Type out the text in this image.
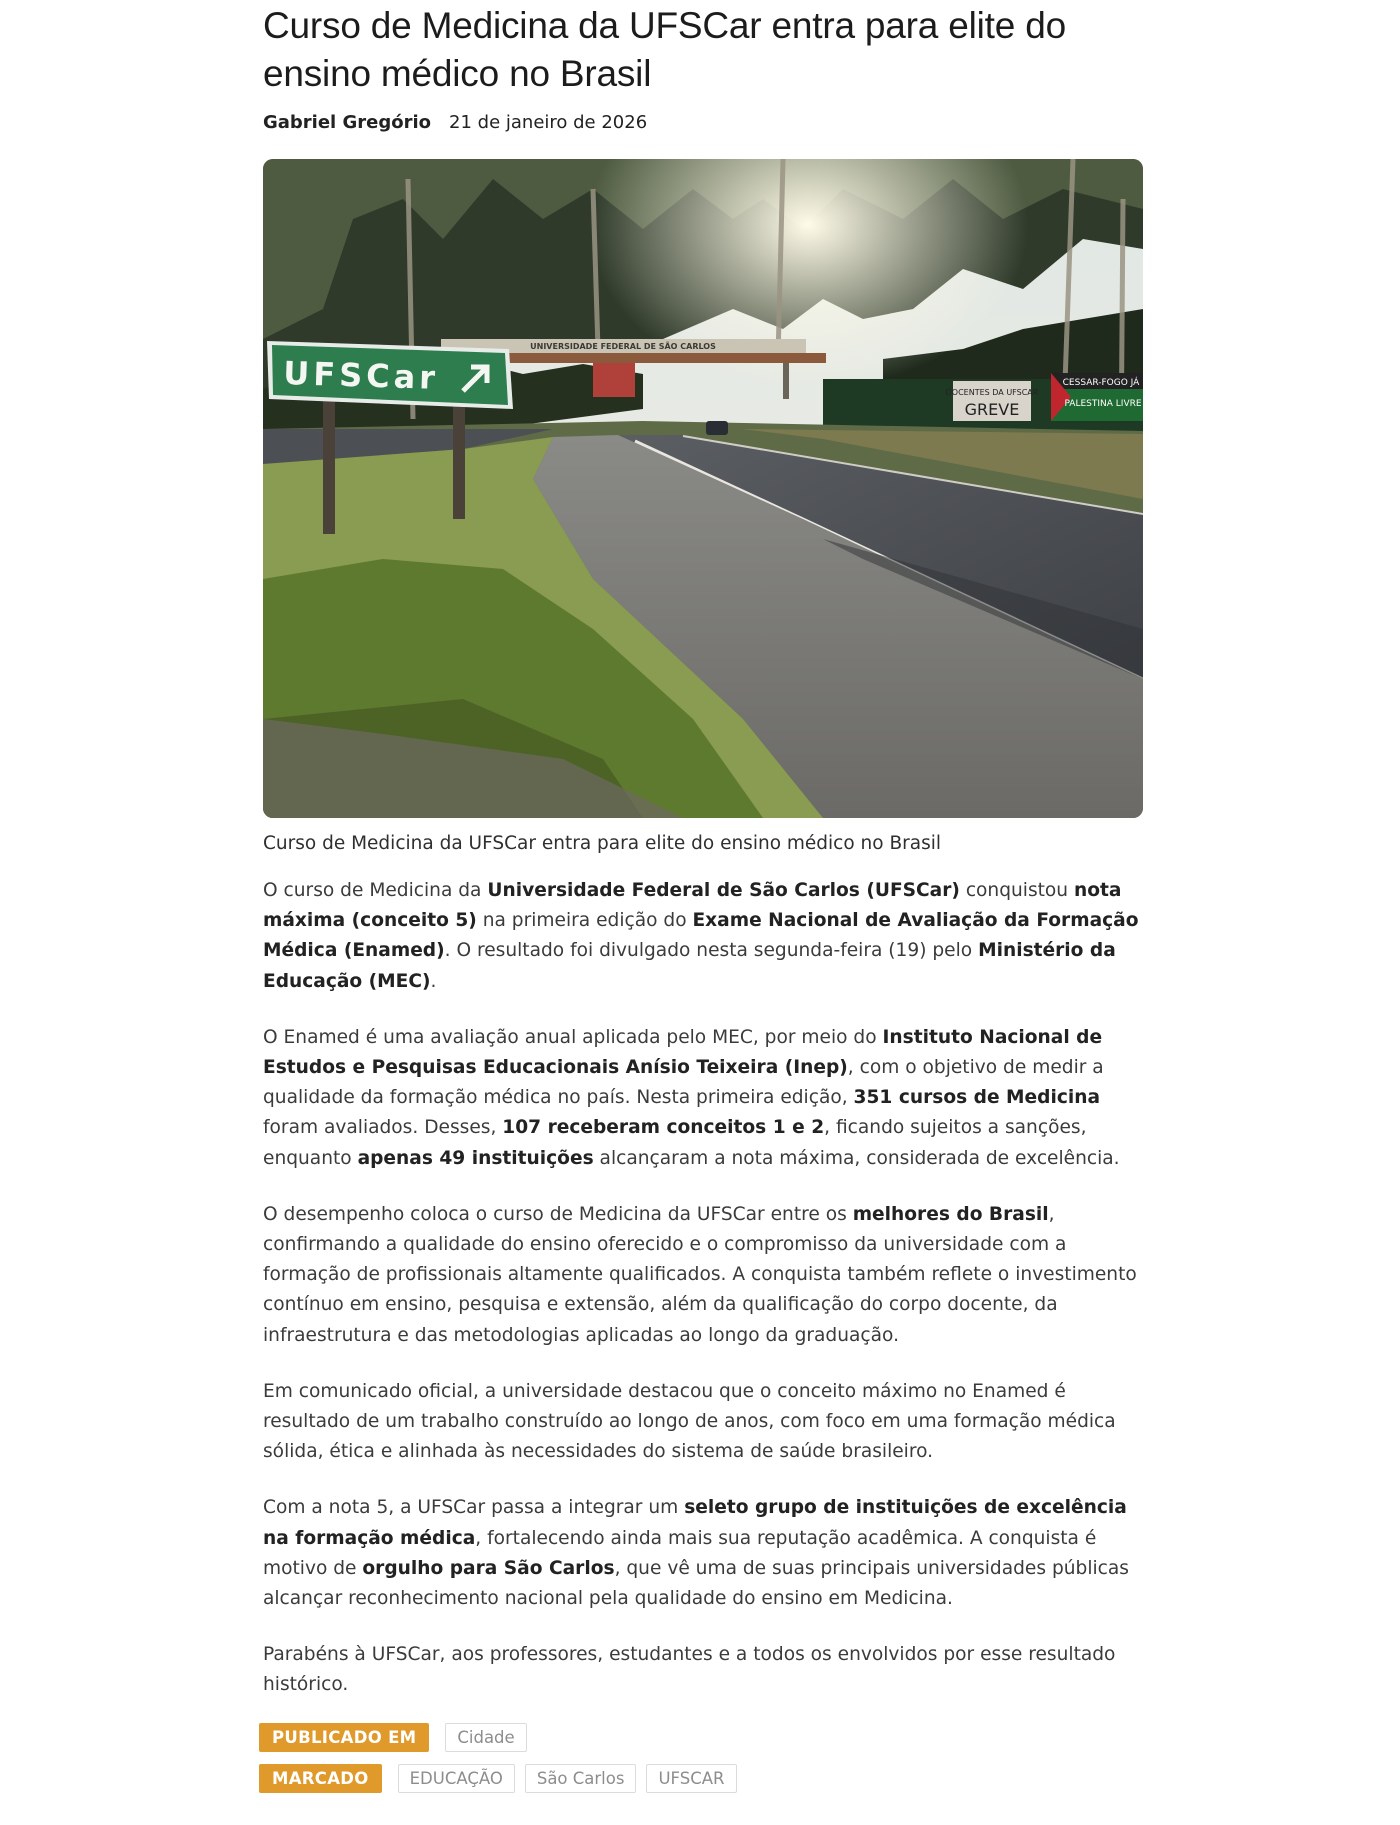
Curso de Medicina da UFSCar entra para elite do ensino médico no Brasil
Gabriel Gregório 21 de janeiro de 2026
UNIVERSIDADE FEDERAL DE SÃO CARLOS
DOCENTES DA UFSCAR
GREVE
CESSAR-FOGO JÁ
PALESTINA LIVRE
UFSCar
Curso de Medicina da UFSCar entra para elite do ensino médico no Brasil

O curso de Medicina da Universidade Federal de São Carlos (UFSCar) conquistou nota máxima (conceito 5) na primeira edição do Exame Nacional de Avaliação da Formação Médica (Enamed). O resultado foi divulgado nesta segunda-feira (19) pelo Ministério da Educação (MEC).

O Enamed é uma avaliação anual aplicada pelo MEC, por meio do Instituto Nacional de Estudos e Pesquisas Educacionais Anísio Teixeira (Inep), com o objetivo de medir a qualidade da formação médica no país. Nesta primeira edição, 351 cursos de Medicina foram avaliados. Desses, 107 receberam conceitos 1 e 2, ficando sujeitos a sanções, enquanto apenas 49 instituições alcançaram a nota máxima, considerada de excelência.

O desempenho coloca o curso de Medicina da UFSCar entre os melhores do Brasil, confirmando a qualidade do ensino oferecido e o compromisso da universidade com a formação de profissionais altamente qualificados. A conquista também reflete o investimento contínuo em ensino, pesquisa e extensão, além da qualificação do corpo docente, da infraestrutura e das metodologias aplicadas ao longo da graduação.

Em comunicado oficial, a universidade destacou que o conceito máximo no Enamed é resultado de um trabalho construído ao longo de anos, com foco em uma formação médica sólida, ética e alinhada às necessidades do sistema de saúde brasileiro.

Com a nota 5, a UFSCar passa a integrar um seleto grupo de instituições de excelência na formação médica, fortalecendo ainda mais sua reputação acadêmica. A conquista é motivo de orgulho para São Carlos, que vê uma de suas principais universidades públicas alcançar reconhecimento nacional pela qualidade do ensino em Medicina.

Parabéns à UFSCar, aos professores, estudantes e a todos os envolvidos por esse resultado histórico.

PUBLICADO EM	Cidade
MARCADO	EDUCAÇÃO	São Carlos	UFSCAR
